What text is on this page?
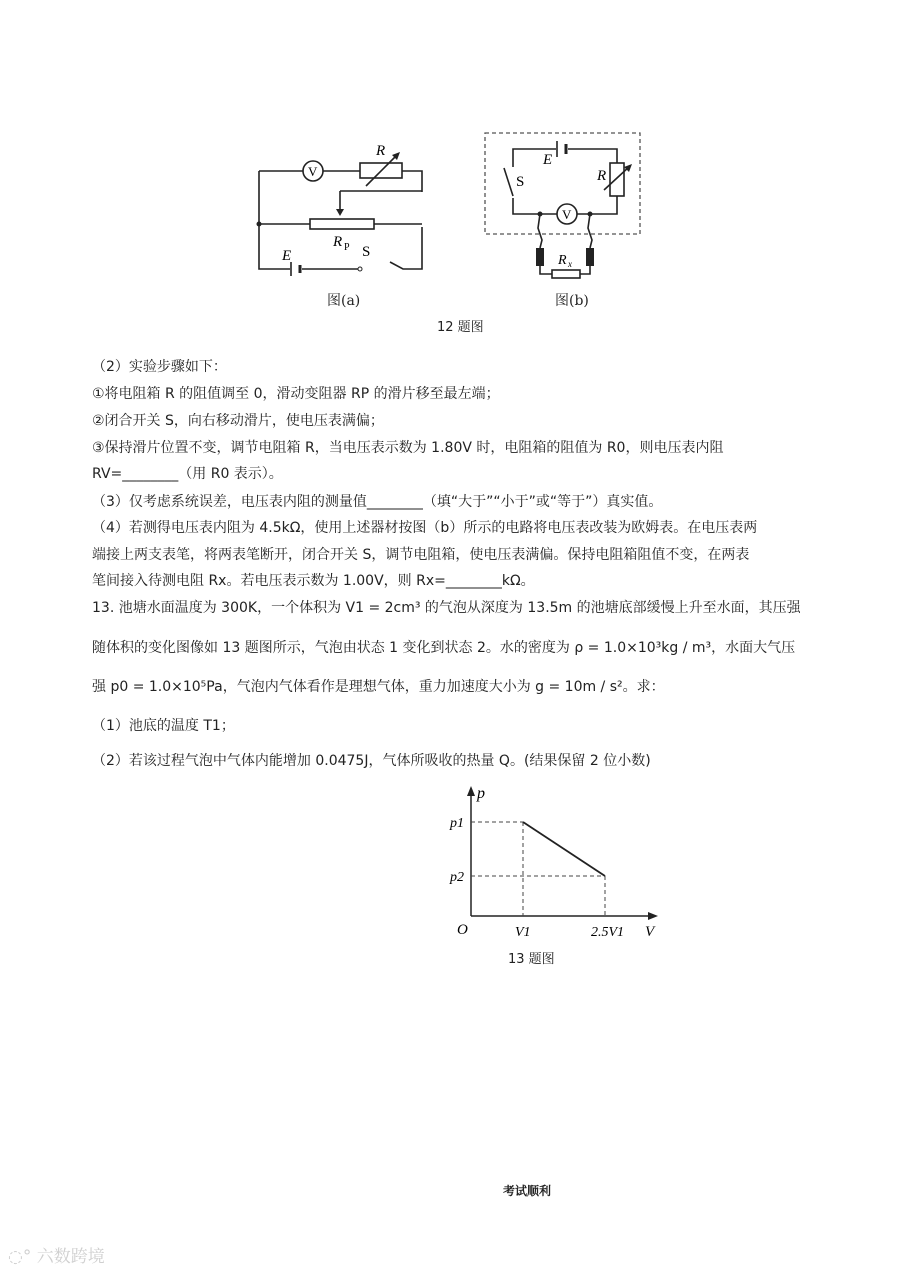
V
R
R P S
E
图(a)
E
S	R
V
R x
图(b)
12 题图
（2）实验步骤如下：
①将电阻箱 R 的阻值调至 0，滑动变阻器 RP 的滑片移至最左端；
②闭合开关 S，向右移动滑片，使电压表满偏；
③保持滑片位置不变，调节电阻箱 R，当电压表示数为 1.80V 时，电阻箱的阻值为 R0，则电压表内阻
RV=________（用 R0 表示）。
（3）仅考虑系统误差，电压表内阻的测量值________（填“大于”“小于”或“等于”）真实值。
（4）若测得电压表内阻为 4.5kΩ，使用上述器材按图（b）所示的电路将电压表改装为欧姆表。在电压表两
端接上两支表笔，将两表笔断开，闭合开关 S，调节电阻箱，使电压表满偏。保持电阻箱阻值不变，在两表
笔间接入待测电阻 Rx。若电压表示数为 1.00V，则 Rx=________kΩ。
13. 池塘水面温度为 300K，一个体积为 V1 = 2cm³ 的气泡从深度为 13.5m 的池塘底部缓慢上升至水面，其压强
随体积的变化图像如 13 题图所示，气泡由状态 1 变化到状态 2。水的密度为 ρ = 1.0×10³kg / m³，水面大气压
强 p0 = 1.0×10⁵Pa，气泡内气体看作是理想气体，重力加速度大小为 g = 10m / s²。求：
（1）池底的温度 T1；
（2）若该过程气泡中气体内能增加 0.0475J，气体所吸收的热量 Q。(结果保留 2 位小数)
p
V
O
p1
p2
V1	2.5V1
13 题图
考试顺利
◌° 六数跨境
